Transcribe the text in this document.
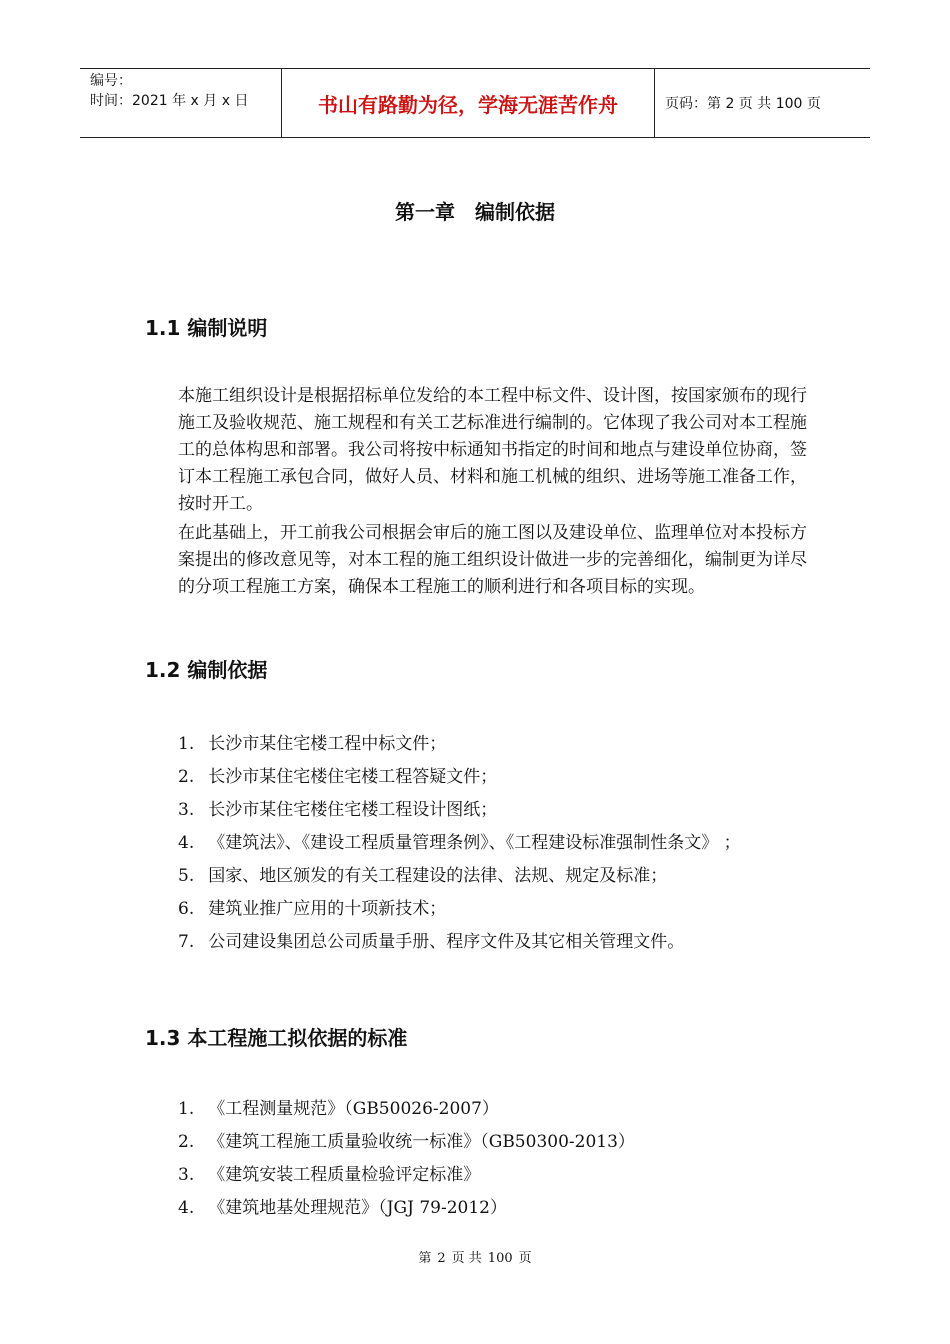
编号：
时间：2021 年 x 月 x 日	书山有路勤为径，学海无涯苦作舟	页码：第 2 页 共 100 页
第一章 编制依据
1.1 编制说明

本施工组织设计是根据招标单位发给的本工程中标文件、设计图，按国家颁布的现行施工及验收规范、施工规程和有关工艺标准进行编制的。它体现了我公司对本工程施工的总体构思和部署。我公司将按中标通知书指定的时间和地点与建设单位协商，签订本工程施工承包合同，做好人员、材料和施工机械的组织、进场等施工准备工作，按时开工。

在此基础上，开工前我公司根据会审后的施工图以及建设单位、监理单位对本投标方案提出的修改意见等，对本工程的施工组织设计做进一步的完善细化，编制更为详尽的分项工程施工方案，确保本工程施工的顺利进行和各项目标的实现。

1.2 编制依据
1. 长沙市某住宅楼工程中标文件；
2. 长沙市某住宅楼住宅楼工程答疑文件；
3. 长沙市某住宅楼住宅楼工程设计图纸；
4. 《建筑法》、《建设工程质量管理条例》、《工程建设标准强制性条文》 ；
5. 国家、地区颁发的有关工程建设的法律、法规、规定及标准；
6. 建筑业推广应用的十项新技术；
7. 公司建设集团总公司质量手册、程序文件及其它相关管理文件。
1.3 本工程施工拟依据的标准
1. 《工程测量规范》（GB50026-2007）
2. 《建筑工程施工质量验收统一标准》（GB50300-2013）
3. 《建筑安装工程质量检验评定标准》
4. 《建筑地基处理规范》（JGJ 79-2012）
第 2 页 共 100 页
